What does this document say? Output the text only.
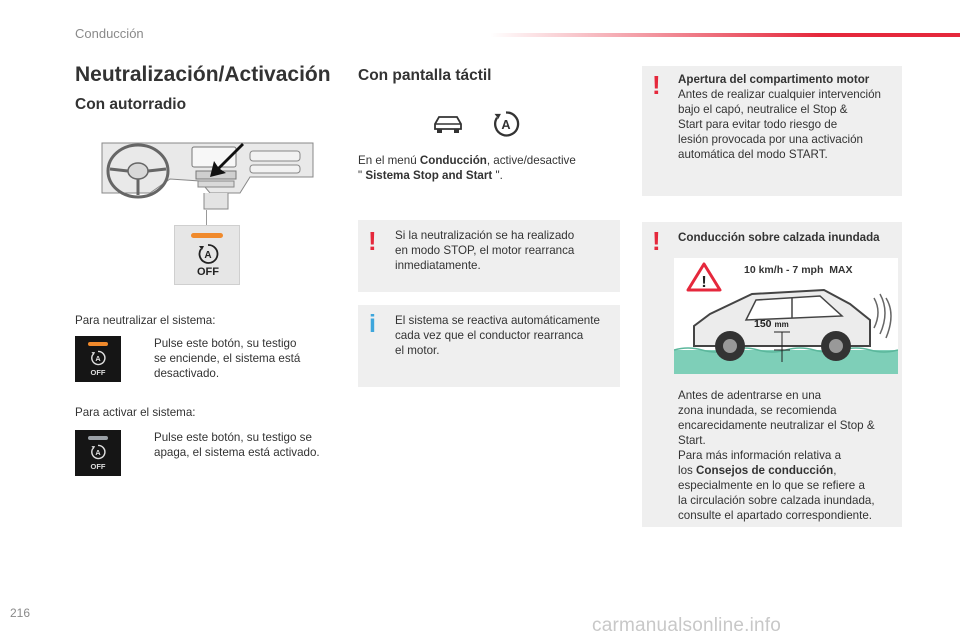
Conducción
Neutralización/Activación
Con autorradio
A
OFF
Para neutralizar el sistema:
A
OFF
Pulse este botón, su testigo
se enciende, el sistema está
desactivado.
Para activar el sistema:
A
OFF
Pulse este botón, su testigo se
apaga, el sistema está activado.
Con pantalla táctil
A
En el menú Conducción, active/desactive
" Sistema Stop and Start ".
! Si la neutralización se ha realizado
en modo STOP, el motor rearranca
inmediatamente.
i El sistema se reactiva automáticamente
cada vez que el conductor rearranca
el motor.
! Apertura del compartimento motor
Antes de realizar cualquier intervención
bajo el capó, neutralice el Stop &
Start para evitar todo riesgo de
lesión provocada por una activación
automática del modo START.
! Conducción sobre calzada inundada
!
10 km/h - 7 mph  MAX
150 mm
Antes de adentrarse en una
zona inundada, se recomienda
encarecidamente neutralizar el Stop &
Start.
Para más información relativa a
los Consejos de conducción,
especialmente en lo que se refiere a
la circulación sobre calzada inundada,
consulte el apartado correspondiente.
216
carmanualsonline.info
